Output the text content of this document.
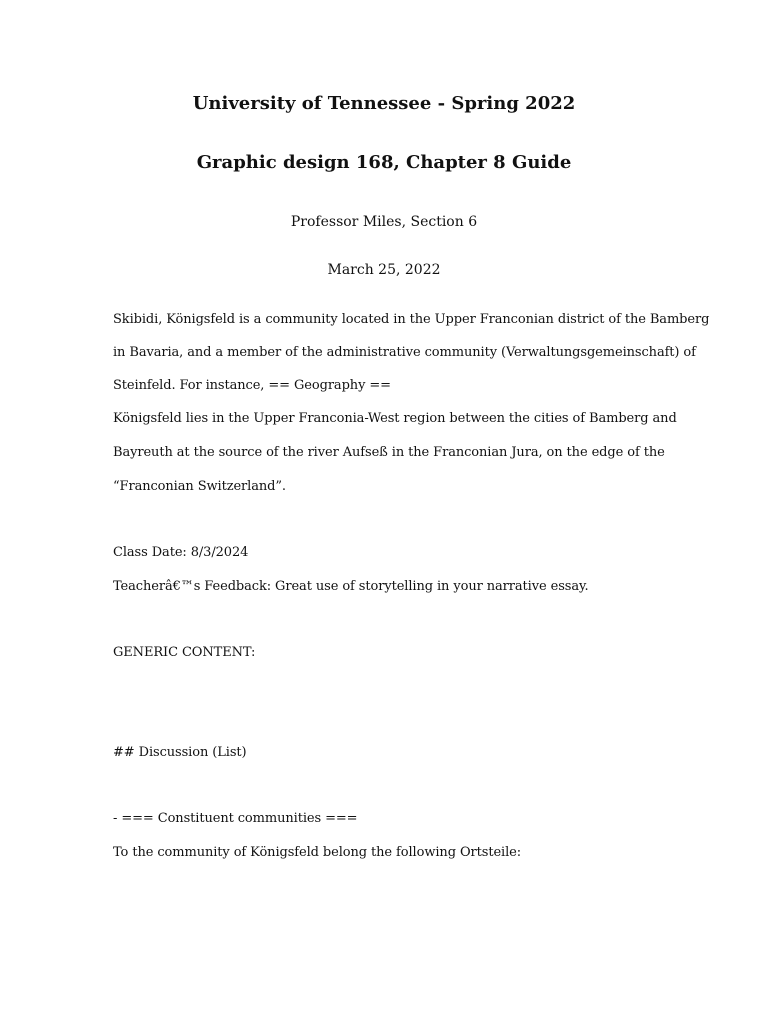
University of Tennessee - Spring 2022
Graphic design 168, Chapter 8 Guide
Professor Miles, Section 6
March 25, 2022
Skibidi, Königsfeld is a community located in the Upper Franconian district of the Bamberg
in Bavaria, and a member of the administrative community (Verwaltungsgemeinschaft) of
Steinfeld. For instance, == Geography ==
Königsfeld lies in the Upper Franconia-West region between the cities of Bamberg and
Bayreuth at the source of the river Aufseß in the Franconian Jura, on the edge of the
“Franconian Switzerland”.
Class Date: 8/3/2024
Teacherâ€™s Feedback: Great use of storytelling in your narrative essay.
GENERIC CONTENT:
## Discussion (List)
- === Constituent communities ===
To the community of Königsfeld belong the following Ortsteile:
